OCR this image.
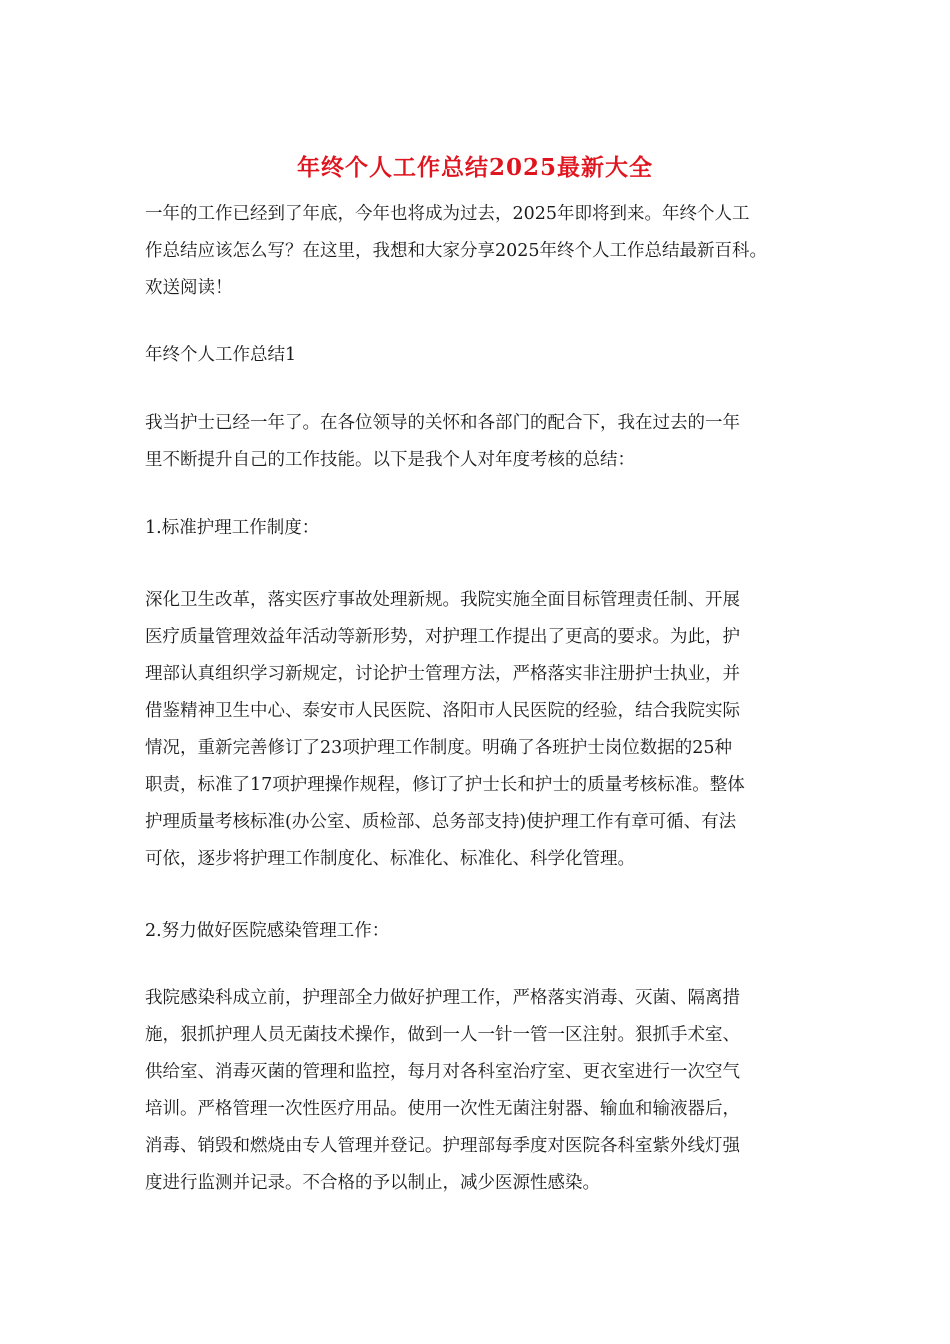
年终个人工作总结2025最新大全
一年的工作已经到了年底，今年也将成为过去，2025年即将到来。年终个人工
作总结应该怎么写？在这里，我想和大家分享2025年终个人工作总结最新百科。
欢送阅读！
年终个人工作总结1
我当护士已经一年了。在各位领导的关怀和各部门的配合下，我在过去的一年
里不断提升自己的工作技能。以下是我个人对年度考核的总结：
1.标准护理工作制度：
深化卫生改革，落实医疗事故处理新规。我院实施全面目标管理责任制、开展
医疗质量管理效益年活动等新形势，对护理工作提出了更高的要求。为此，护
理部认真组织学习新规定，讨论护士管理方法，严格落实非注册护士执业，并
借鉴精神卫生中心、泰安市人民医院、洛阳市人民医院的经验，结合我院实际
情况，重新完善修订了23项护理工作制度。明确了各班护士岗位数据的25种
职责，标准了17项护理操作规程，修订了护士长和护士的质量考核标准。整体
护理质量考核标准(办公室、质检部、总务部支持)使护理工作有章可循、有法
可依，逐步将护理工作制度化、标准化、标准化、科学化管理。
2.努力做好医院感染管理工作：
我院感染科成立前，护理部全力做好护理工作，严格落实消毒、灭菌、隔离措
施，狠抓护理人员无菌技术操作，做到一人一针一管一区注射。狠抓手术室、
供给室、消毒灭菌的管理和监控，每月对各科室治疗室、更衣室进行一次空气
培训。严格管理一次性医疗用品。使用一次性无菌注射器、输血和输液器后，
消毒、销毁和燃烧由专人管理并登记。护理部每季度对医院各科室紫外线灯强
度进行监测并记录。不合格的予以制止，减少医源性感染。
